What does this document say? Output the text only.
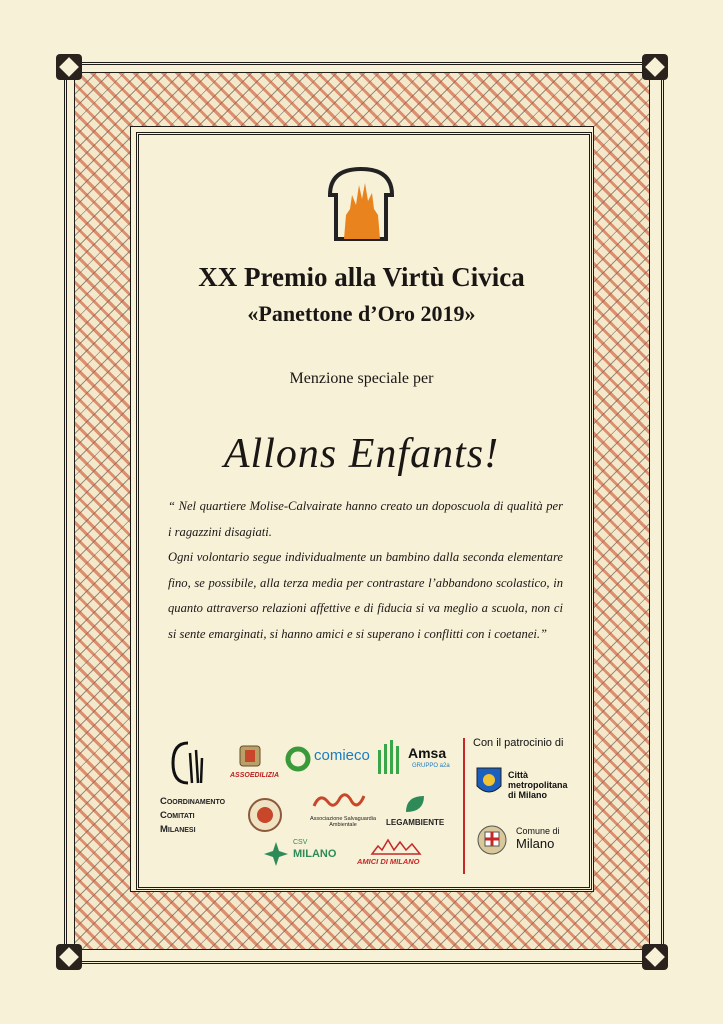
XX Premio alla Virtù Civica
«Panettone d’Oro 2019»
Menzione speciale per
Allons Enfants!

“ Nel quartiere Molise-Calvairate hanno creato un doposcuola di qualità per i ragazzini disagiati.

Ogni volontario segue individualmente un bambino dalla seconda elementare fino, se possibile, alla terza media per contrastare l’abbandono scolastico, in quanto attraverso relazioni affettive e di fiducia si va meglio a scuola, non ci si sente emarginati, si hanno amici e si superano i conflitti con i coetanei.”

Coordinamento
Comitati
Milanesi
ASSOEDILIZIA
comieco	Amsa
GRUPPO a2a
Associazione Salvaguardia Ambientale	LEGAMBIENTE
CSV
MILANO
AMICI DI MILANO
Con il patrocinio di
Città
metropolitana
di Milano
Comune di
Milano
